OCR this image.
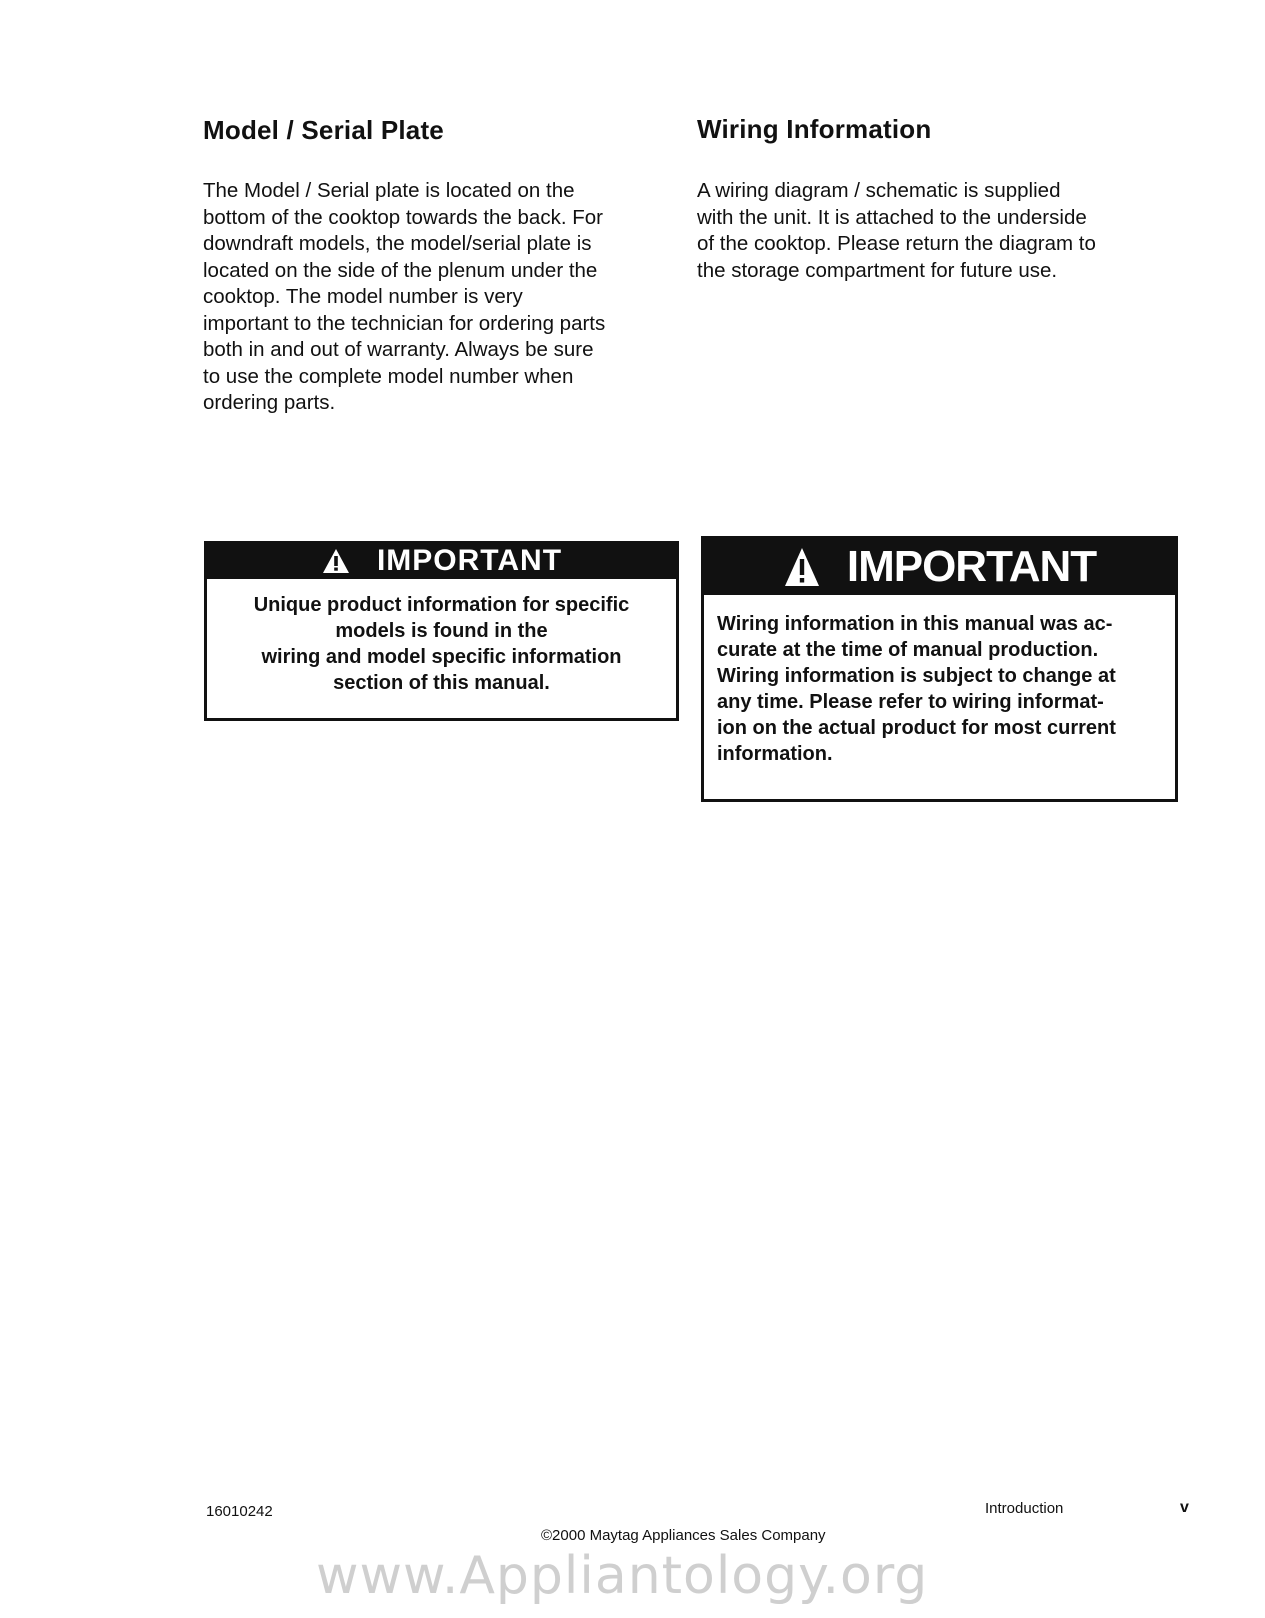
Model / Serial Plate	Wiring Information
The Model / Serial plate is located on the
bottom of the cooktop towards the back. For
downdraft models, the model/serial plate is
located on the side of the plenum under the
cooktop. The model number is very
important to the technician for ordering parts
both in and out of warranty. Always be sure
to use the complete model number when
ordering parts.
A wiring diagram / schematic is supplied
with the unit. It is attached to the underside
of the cooktop. Please return the diagram to
the storage compartment for future use.
IMPORTANT
Unique product information for specific
models is found in the
wiring and model specific information
section of this manual.
IMPORTANT
Wiring information in this manual was ac-
curate at the time of manual production.
Wiring information is subject to change at
any time. Please refer to wiring informat-
ion on the actual product for most current
information.
16010242	Introduction	v
©2000 Maytag Appliances Sales Company
www.Appliantology.org
